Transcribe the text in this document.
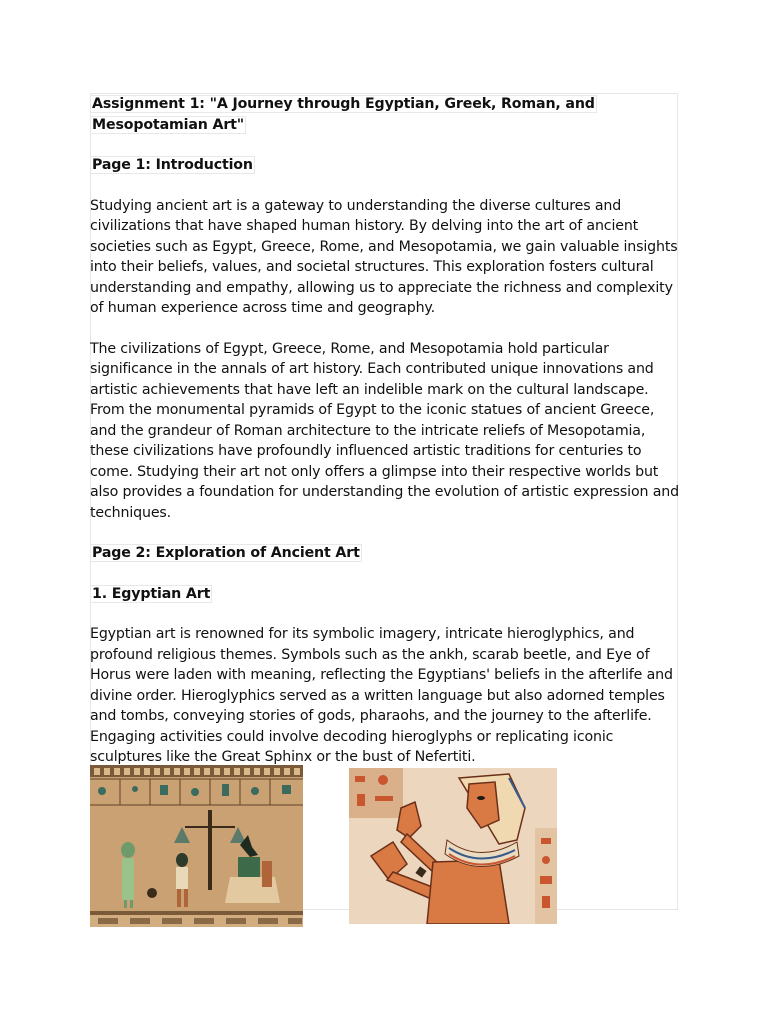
Assignment 1: "A Journey through Egyptian, Greek, Roman, and Mesopotamian Art"
Page 1: Introduction

Studying ancient art is a gateway to understanding the diverse cultures and civilizations that have shaped human history. By delving into the art of ancient societies such as Egypt, Greece, Rome, and Mesopotamia, we gain valuable insights into their beliefs, values, and societal structures. This exploration fosters cultural understanding and empathy, allowing us to appreciate the richness and complexity of human experience across time and geography.

The civilizations of Egypt, Greece, Rome, and Mesopotamia hold particular significance in the annals of art history. Each contributed unique innovations and artistic achievements that have left an indelible mark on the cultural landscape. From the monumental pyramids of Egypt to the iconic statues of ancient Greece, and the grandeur of Roman architecture to the intricate reliefs of Mesopotamia, these civilizations have profoundly influenced artistic traditions for centuries to come. Studying their art not only offers a glimpse into their respective worlds but also provides a foundation for understanding the evolution of artistic expression and techniques.

Page 2: Exploration of Ancient Art
1. Egyptian Art

Egyptian art is renowned for its symbolic imagery, intricate hieroglyphics, and profound religious themes. Symbols such as the ankh, scarab beetle, and Eye of Horus were laden with meaning, reflecting the Egyptians' beliefs in the afterlife and divine order. Hieroglyphics served as a written language but also adorned temples and tombs, conveying stories of gods, pharaohs, and the journey to the afterlife. Engaging activities could involve decoding hieroglyphs or replicating iconic sculptures like the Great Sphinx or the bust of Nefertiti.
